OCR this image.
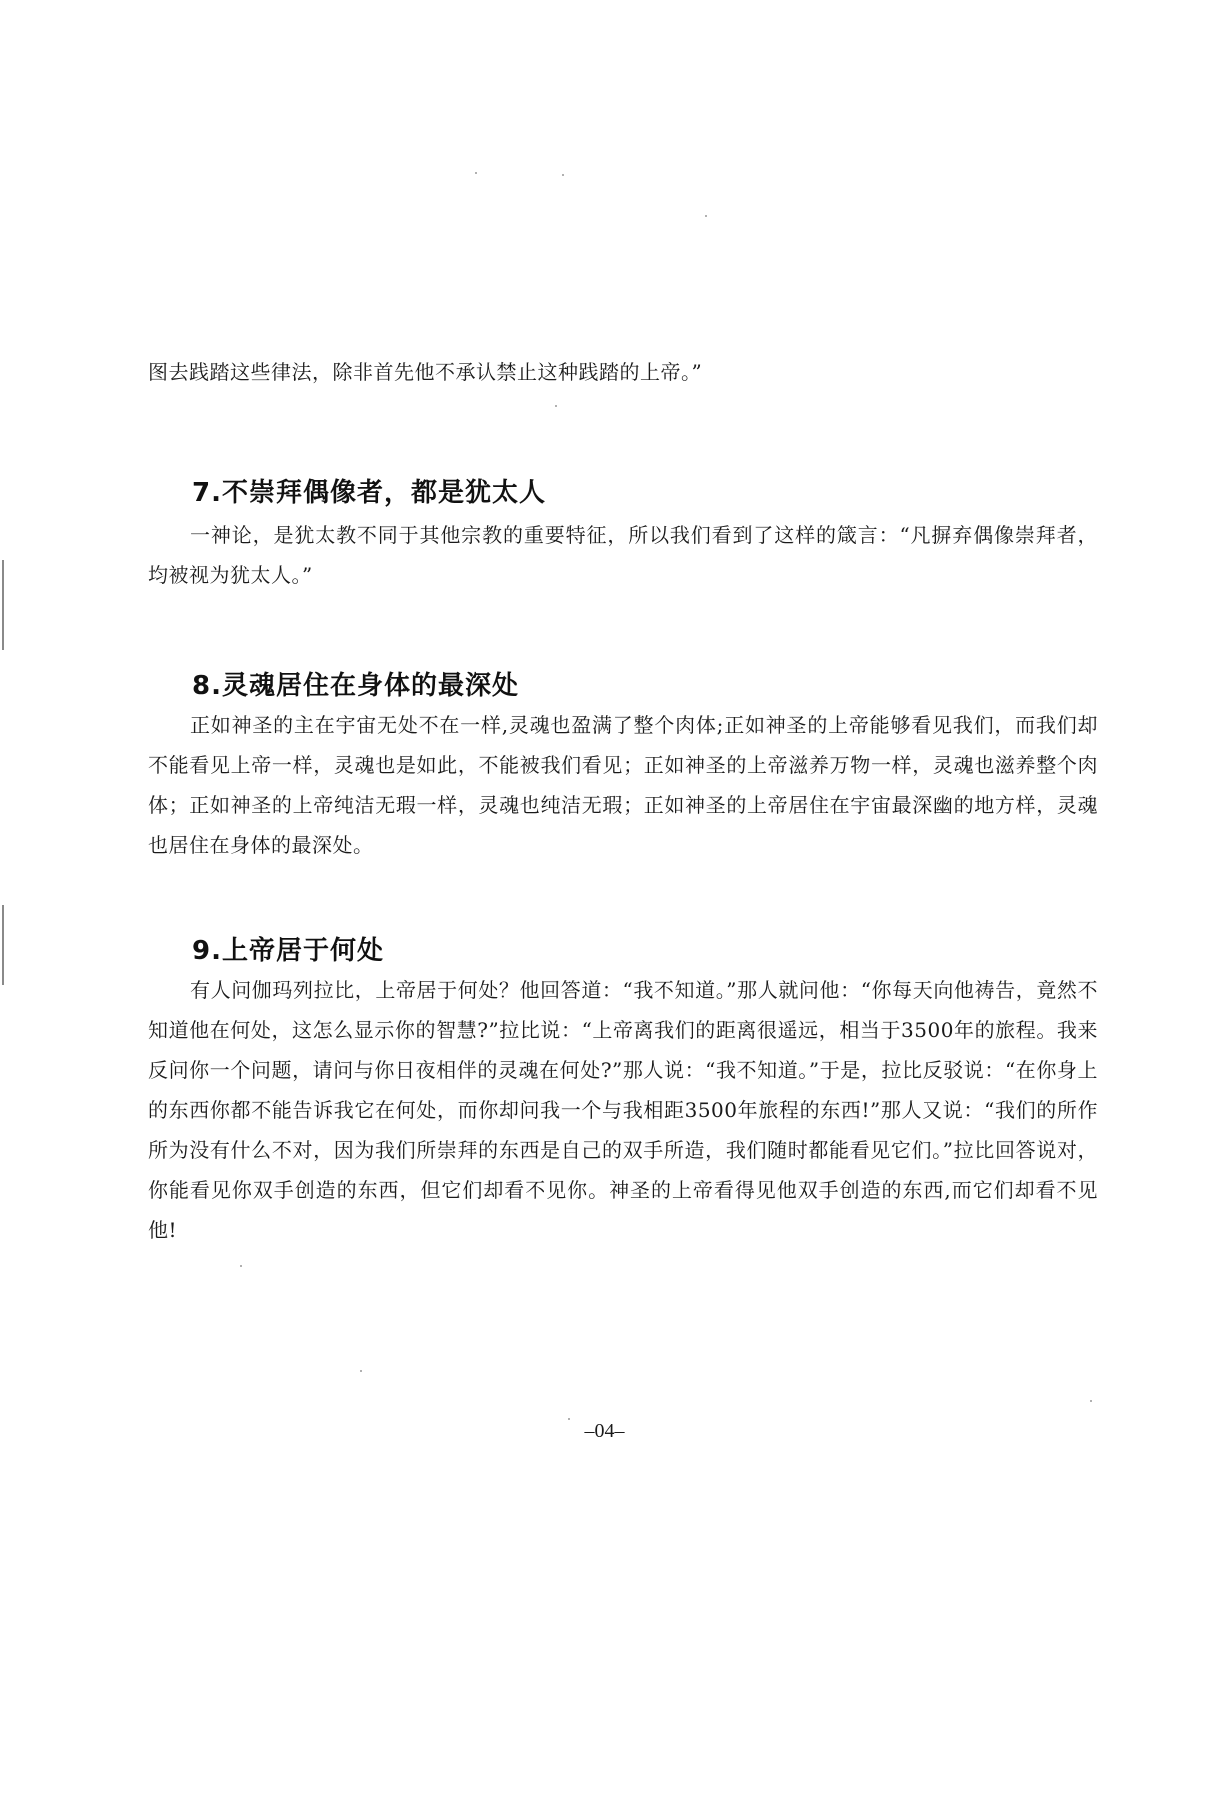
图去践踏这些律法，除非首先他不承认禁止这种践踏的上帝。”

7.不崇拜偶像者，都是犹太人

一神论，是犹太教不同于其他宗教的重要特征，所以我们看到了这样的箴言：“凡摒弃偶像崇拜者，均被视为犹太人。”

8.灵魂居住在身体的最深处

正如神圣的主在宇宙无处不在一样,灵魂也盈满了整个肉体;正如神圣的上帝能够看见我们，而我们却不能看见上帝一样，灵魂也是如此，不能被我们看见；正如神圣的上帝滋养万物一样，灵魂也滋养整个肉体；正如神圣的上帝纯洁无瑕一样，灵魂也纯洁无瑕；正如神圣的上帝居住在宇宙最深幽的地方样，灵魂也居住在身体的最深处。

9.上帝居于何处

有人问伽玛列拉比，上帝居于何处？他回答道：“我不知道。”那人就问他：“你每天向他祷告，竟然不知道他在何处，这怎么显示你的智慧?”拉比说：“上帝离我们的距离很遥远，相当于3500年的旅程。我来反问你一个问题，请问与你日夜相伴的灵魂在何处?”那人说：“我不知道。”于是，拉比反驳说：“在你身上的东西你都不能告诉我它在何处，而你却问我一个与我相距3500年旅程的东西!”那人又说：“我们的所作所为没有什么不对，因为我们所崇拜的东西是自己的双手所造，我们随时都能看见它们。”拉比回答说对，你能看见你双手创造的东西，但它们却看不见你。神圣的上帝看得见他双手创造的东西,而它们却看不见他!

–04–
